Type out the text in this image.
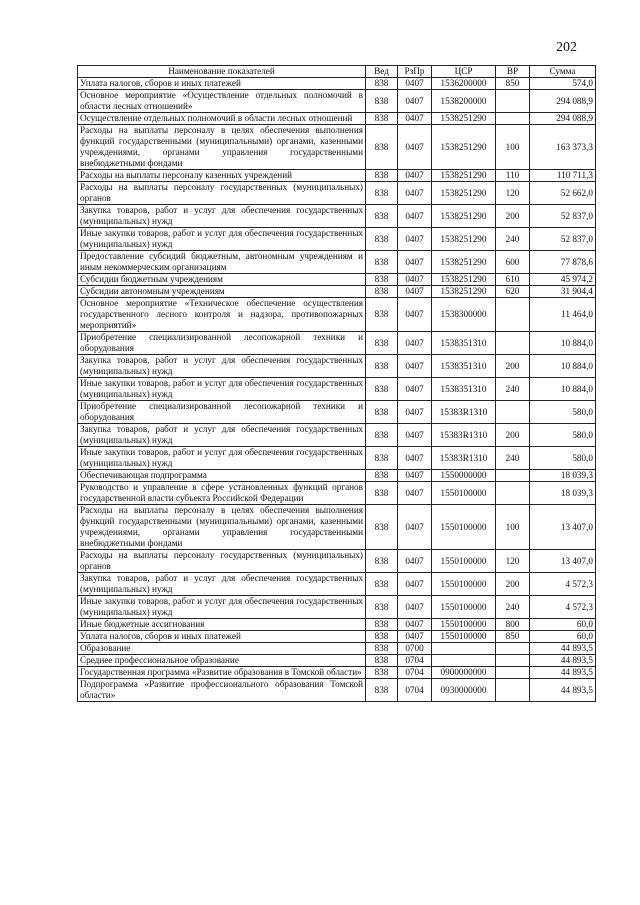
202
Наименование показателей	Вед	РзПр	ЦСР	ВР	Сумма
Уплата налогов, сборов и иных платежей	838	0407	1536200000	850	574,0
Основное мероприятие «Осуществление отдельных полномочий в области лесных отношений»	838	0407	1538200000		294 088,9
Осуществление отдельных полномочий в области лесных отношений	838	0407	1538251290		294 088,9
Расходы на выплаты персоналу в целях обеспечения выполнения функций государственными (муниципальными) органами, казенными учреждениями, органами управления государственными внебюджетными фондами	838	0407	1538251290	100	163 373,3
Расходы на выплаты персоналу казенных учреждений	838	0407	1538251290	110	110 711,3
Расходы на выплаты персоналу государственных (муниципальных) органов	838	0407	1538251290	120	52 662,0
Закупка товаров, работ и услуг для обеспечения государственных (муниципальных) нужд	838	0407	1538251290	200	52 837,0
Иные закупки товаров, работ и услуг для обеспечения государственных (муниципальных) нужд	838	0407	1538251290	240	52 837,0
Предоставление субсидий бюджетным, автономным учреждениям и иным некоммерческим организациям	838	0407	1538251290	600	77 878,6
Субсидии бюджетным учреждениям	838	0407	1538251290	610	45 974,2
Субсидии автономным учреждениям	838	0407	1538251290	620	31 904,4
Основное мероприятие «Техническое обеспечение осуществления государственного лесного контроля и надзора, противопожарных мероприятий»	838	0407	1538300000		11 464,0
Приобретение специализированной лесопожарной техники и оборудования	838	0407	1538351310		10 884,0
Закупка товаров, работ и услуг для обеспечения государственных (муниципальных) нужд	838	0407	1538351310	200	10 884,0
Иные закупки товаров, работ и услуг для обеспечения государственных (муниципальных) нужд	838	0407	1538351310	240	10 884,0
Приобретение специализированной лесопожарной техники и оборудования	838	0407	15383R1310		580,0
Закупка товаров, работ и услуг для обеспечения государственных (муниципальных) нужд	838	0407	15383R1310	200	580,0
Иные закупки товаров, работ и услуг для обеспечения государственных (муниципальных) нужд	838	0407	15383R1310	240	580,0
Обеспечивающая подпрограмма	838	0407	1550000000		18 039,3
Руководство и управление в сфере установленных функций органов государственной власти субъекта Российской Федерации	838	0407	1550100000		18 039,3
Расходы на выплаты персоналу в целях обеспечения выполнения функций государственными (муниципальными) органами, казенными учреждениями, органами управления государственными внебюджетными фондами	838	0407	1550100000	100	13 407,0
Расходы на выплаты персоналу государственных (муниципальных) органов	838	0407	1550100000	120	13 407,0
Закупка товаров, работ и услуг для обеспечения государственных (муниципальных) нужд	838	0407	1550100000	200	4 572,3
Иные закупки товаров, работ и услуг для обеспечения государственных (муниципальных) нужд	838	0407	1550100000	240	4 572,3
Иные бюджетные ассигнования	838	0407	1550100000	800	60,0
Уплата налогов, сборов и иных платежей	838	0407	1550100000	850	60,0
Образование	838	0700			44 893,5
Среднее профессиональное образование	838	0704			44 893,5
Государственная программа «Развитие образования в Томской области»	838	0704	0900000000		44 893,5
Подпрограмма «Развитие профессионального образования Томской области»	838	0704	0930000000		44 893,5
